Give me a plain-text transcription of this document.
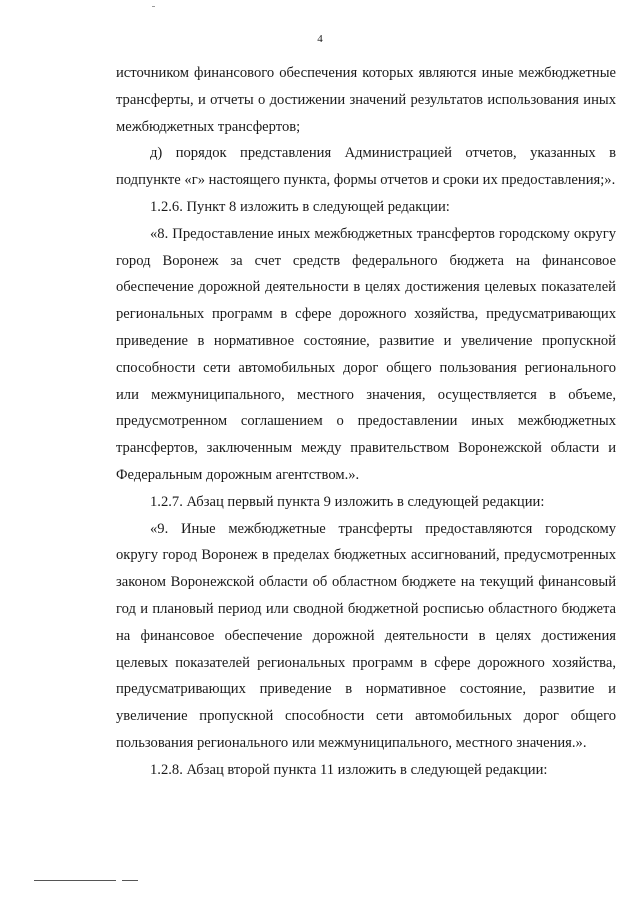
4

источником финансового обеспечения которых являются иные межбюджетные трансферты, и отчеты о достижении значений результатов использования иных межбюджетных трансфертов;

д) порядок представления Администрацией отчетов, указанных в подпункте «г» настоящего пункта, формы отчетов и сроки их предоставления;».

1.2.6. Пункт 8 изложить в следующей редакции:

«8. Предоставление иных межбюджетных трансфертов городскому округу город Воронеж за счет средств федерального бюджета на финансовое обеспечение дорожной деятельности в целях достижения целевых показателей региональных программ в сфере дорожного хозяйства, предусматривающих приведение в нормативное состояние, развитие и увеличение пропускной способности сети автомобильных дорог общего пользования регионального или межмуниципального, местного значения, осуществляется в объеме, предусмотренном соглашением о предоставлении иных межбюджетных трансфертов, заключенным между правительством Воронежской области и Федеральным дорожным агентством.».

1.2.7. Абзац первый пункта 9 изложить в следующей редакции:

«9. Иные межбюджетные трансферты предоставляются городскому округу город Воронеж в пределах бюджетных ассигнований, предусмотренных законом Воронежской области об областном бюджете на текущий финансовый год и плановый период или сводной бюджетной росписью областного бюджета на финансовое обеспечение дорожной деятельности в целях достижения целевых показателей региональных программ в сфере дорожного хозяйства, предусматривающих приведение в нормативное состояние, развитие и увеличение пропускной способности сети автомобильных дорог общего пользования регионального или межмуниципального, местного значения.».

1.2.8. Абзац второй пункта 11 изложить в следующей редакции:
